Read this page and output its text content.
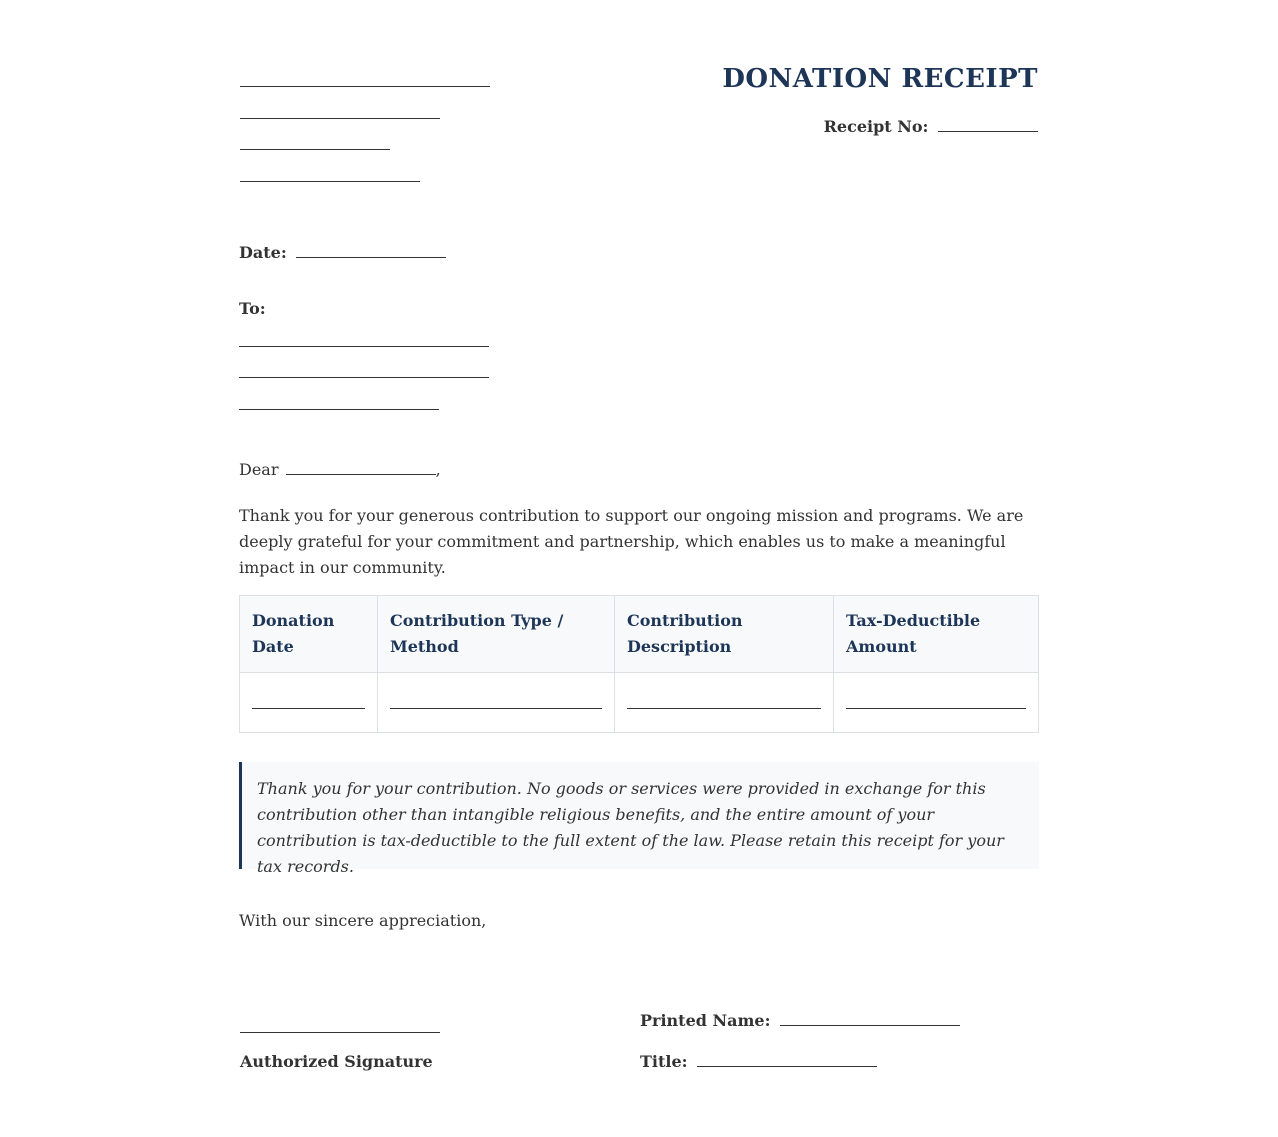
DONATION RECEIPT
Receipt No:
Date:
To:
Dear	,
Thank you for your generous contribution to support our ongoing mission and programs. We are deeply grateful for your commitment and partnership, which enables us to make a meaningful impact in our community.
Donation Date	Contribution Type / Method	Contribution Description	Tax-Deductible Amount

Thank you for your contribution. No goods or services were provided in exchange for this contribution other than intangible religious benefits, and the entire amount of your contribution is tax-deductible to the full extent of the law. Please retain this receipt for your tax records.
With our sincere appreciation,
Authorized Signature
Printed Name:
Title:
